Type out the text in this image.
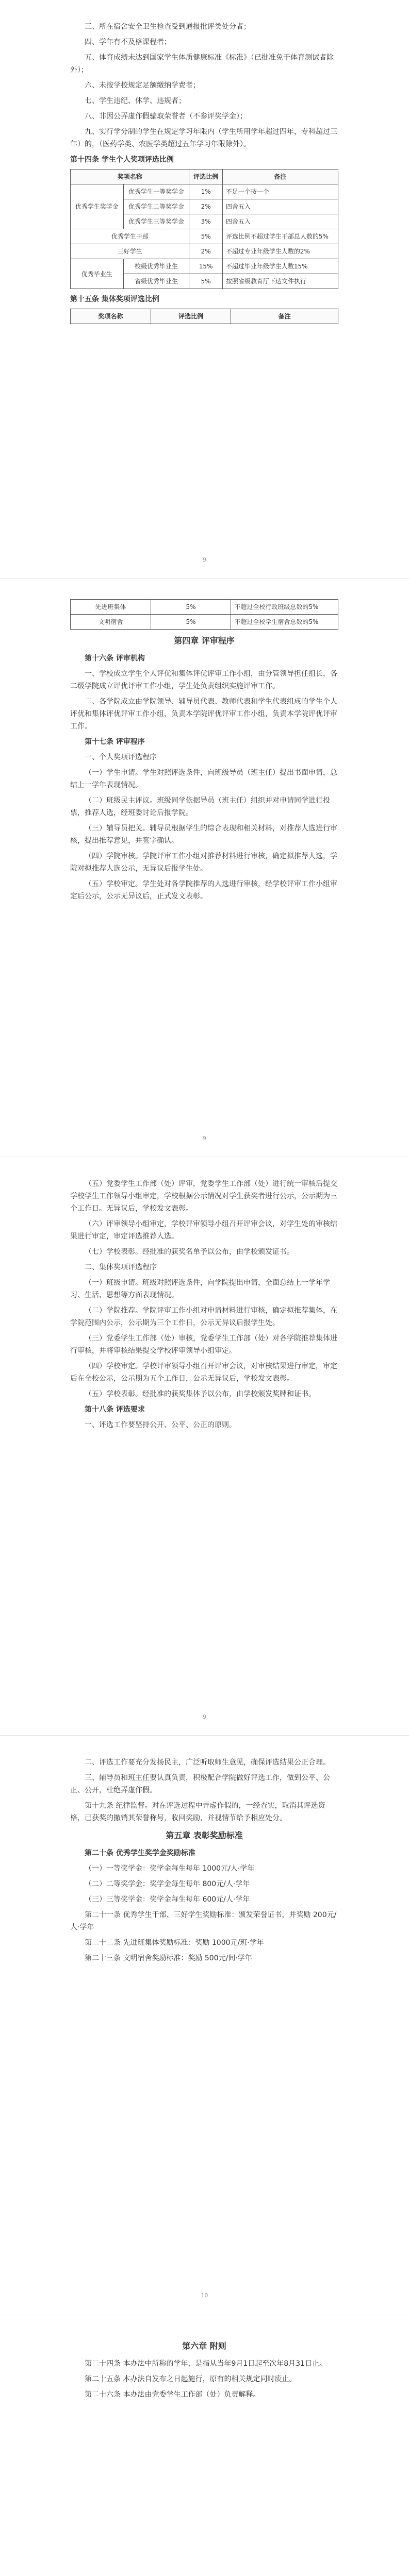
三、所在宿舍安全卫生检查受到通报批评类处分者；

四、学年有不及格课程者；

五、体育成绩未达到国家学生体质健康标准《标准》（已批准免于体育测试者除外）；

六、未按学校规定足额缴纳学费者；

七、学生违纪、休学、违规者；

八、非因公弄虚作假骗取荣誉者（不参评奖学金）；

九、实行学分制的学生在规定学习年限内（学生所用学年超过四年，专科超过三年）的，（医药学类、农医学类超过五年学习年限除外）。

第十四条 学生个人奖项评选比例

奖项名称		评选比例	备注
优秀学生奖学金	优秀学生一等奖学金	1%	不足一个按一个
	优秀学生二等奖学金	2%	四舍五入
	优秀学生三等奖学金	3%	四舍五入
优秀学生干部		5%	评选比例不超过学生干部总人数的5%
三好学生		2%	不超过专业年级学生人数的2%
优秀毕业生	校级优秀毕业生	15%	不超过毕业年级学生人数15%
	省级优秀毕业生	5%	按照省级教育厅下达文件执行

第十五条 集体奖项评选比例

奖项名称	评选比例	备注
9
先进班集体	5%	不超过全校行政班级总数的5%
文明宿舍	5%	不超过全校学生宿舍总数的5%
第四章 评审程序

第十六条 评审机构

一、学校成立学生个人评优和集体评优评审工作小组，由分管领导担任组长，各二级学院成立评优评审工作小组，学生处负责组织实施评审工作。

二、各学院成立由学院领导、辅导员代表、教师代表和学生代表组成的学生个人评优和集体评优评审工作小组，负责本学院评优评审工作小组，负责本学院评优评审工作。

第十七条 评审程序

一、个人奖项评选程序

（一）学生申请。学生对照评选条件，向班级导员（班主任）提出书面申请，总结上一学年表现情况。

（二）班级民主评议。班级同学依据导员（班主任）组织并对申请同学进行投票，推荐人选，经班委讨论后报学院。

（三）辅导员把关。辅导员根据学生的综合表现和相关材料，对推荐人选进行审核，提出推荐意见，并签字确认。

（四）学院审核。学院评审工作小组对推荐材料进行审核，确定拟推荐人选，学院对拟推荐人选公示，无异议后报学生处。

（五）学校审定。学生处对各学院推荐的人选进行审核，经学校评审工作小组审定后公示，公示无异议后，正式发文表彰。

9

（五）党委学生工作部（处）评审，党委学生工作部（处）进行统一审核后提交学校学生工作领导小组审定，学校根据公示情况对学生获奖者进行公示，公示期为三个工作日。无异议后，学校发文表彰。

（六）评审领导小组审定，学校评审领导小组召开评审会议，对学生处的审核结果进行审定，审定评选推荐人选。

（七）学校表彰。经批准的获奖名单予以公布，由学校颁发证书。

二、集体奖项评选程序

（一）班级申请。班级对照评选条件，向学院提出申请，全面总结上一学年学习、生活、思想等方面表现情况。

（二）学院推荐。学院评审工作小组对申请材料进行审核，确定拟推荐集体，在学院范围内公示，公示期为三个工作日，公示无异议后报学生处。

（三）党委学生工作部（处）审核，党委学生工作部（处）对各学院推荐集体进行审核，并将审核结果提交学校评审领导小组审定。

（四）学校审定。学校评审领导小组召开评审会议，对审核结果进行审定，审定后在全校公示，公示期为五个工作日，公示无异议后，学校发文表彰。

（五）学校表彰。经批准的获奖集体予以公布，由学校颁发奖牌和证书。

第十八条 评选要求

一、评选工作要坚持公开、公平、公正的原则。

9

二、评选工作要充分发扬民主，广泛听取师生意见，确保评选结果公正合理。

三、辅导员和班主任要认真负责，积极配合学院做好评选工作，做到公平、公正、公开，杜绝弄虚作假。

第十九条 纪律监督。对在评选过程中弄虚作假的，一经查实，取消其评选资格，已获奖的撤销其荣誉称号，收回奖励，并视情节给予相应处分。

第五章 表彰奖励标准

第二十条 优秀学生奖学金奖励标准

（一）一等奖学金：奖学金每生每年 1000元/人·学年

（二）二等奖学金：奖学金每生每年 800元/人·学年

（三）三等奖学金：奖学金每生每年 600元/人·学年

第二十一条 优秀学生干部、三好学生奖励标准：颁发荣誉证书，并奖励 200元/人·学年

第二十二条 先进班集体奖励标准：奖励 1000元/班·学年

第二十三条 文明宿舍奖励标准：奖励 500元/间·学年

10
第六章 附则

第二十四条 本办法中所称的学年，是指从当年9月1日起至次年8月31日止。

第二十五条 本办法自发布之日起施行，原有的相关规定同时废止。

第二十六条 本办法由党委学生工作部（处）负责解释。
